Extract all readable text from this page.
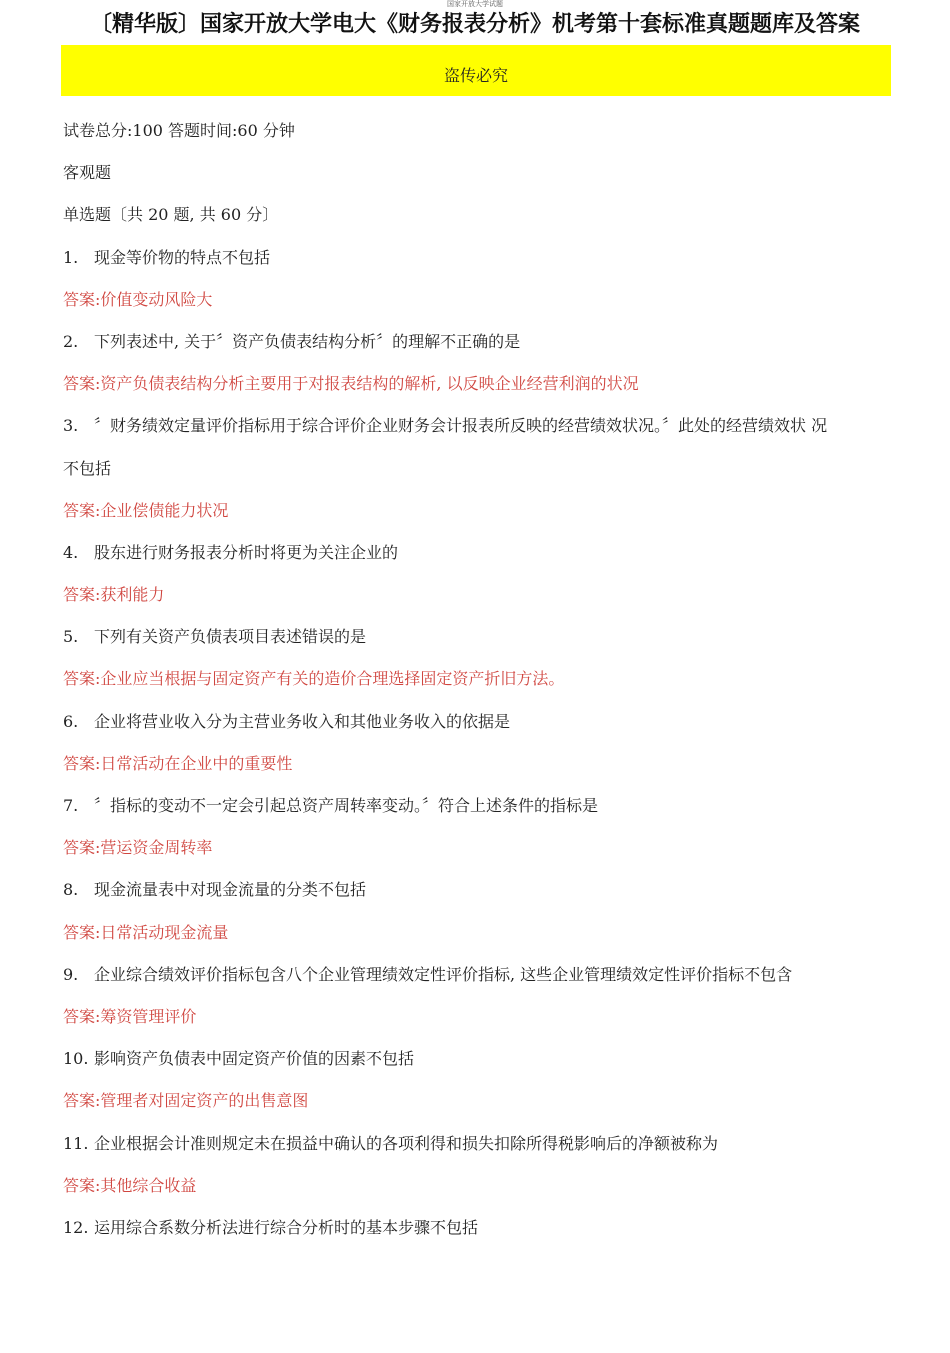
国家开放大学试题
〔精华版〕国家开放大学电大《财务报表分析》机考第十套标准真题题库及答案
盗传必究
试卷总分:100 答题时间:60 分钟
客观题
单选题〔共 20 题, 共 60 分〕
1. 现金等价物的特点不包括
答案:价值变动风险大
2. 下列表述中, 关于〞资产负债表结构分析〞的理解不正确的是
答案:资产负债表结构分析主要用于对报表结构的解析, 以反映企业经营利润的状况
3. 〞财务绩效定量评价指标用于综合评价企业财务会计报表所反映的经营绩效状况。〞此处的经营绩效状 况
不包括
答案:企业偿债能力状况
4. 股东进行财务报表分析时将更为关注企业的
答案:获利能力
5. 下列有关资产负债表项目表述错误的是
答案:企业应当根据与固定资产有关的造价合理选择固定资产折旧方法。
6. 企业将营业收入分为主营业务收入和其他业务收入的依据是
答案:日常活动在企业中的重要性
7. 〞指标的变动不一定会引起总资产周转率变动。〞符合上述条件的指标是
答案:营运资金周转率
8. 现金流量表中对现金流量的分类不包括
答案:日常活动现金流量
9. 企业综合绩效评价指标包含八个企业管理绩效定性评价指标, 这些企业管理绩效定性评价指标不包含
答案:筹资管理评价
10. 影响资产负债表中固定资产价值的因素不包括
答案:管理者对固定资产的出售意图
11. 企业根据会计准则规定未在损益中确认的各项利得和损失扣除所得税影响后的净额被称为
答案:其他综合收益
12. 运用综合系数分析法进行综合分析时的基本步骤不包括
